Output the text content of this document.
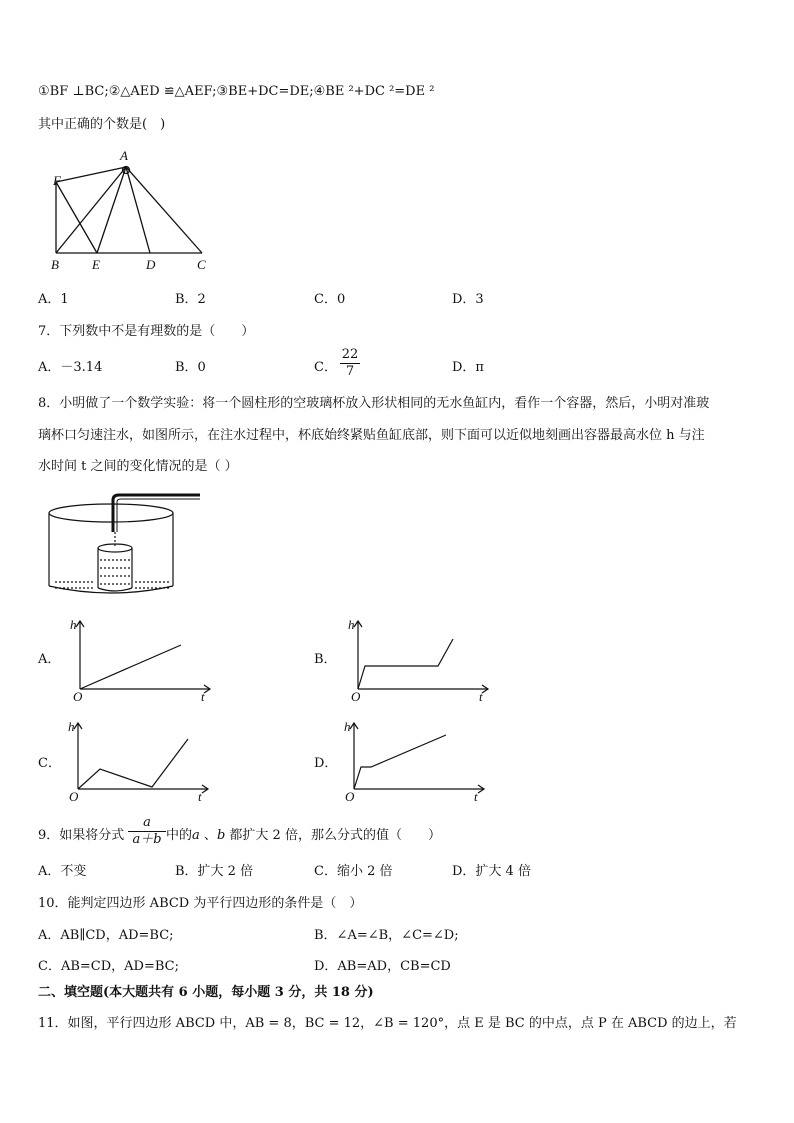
①BF ⊥BC;②△AED ≌△AEF;③BE+DC=DE;④BE ²+DC ²=DE ²
其中正确的个数是(　)
A
F
B	E	D	C
A．1	B．2	C．0	D．3
7．下列数中不是有理数的是（　　）
A．－3.14	B．0	C．
22
7	D．π
8．小明做了一个数学实验：将一个圆柱形的空玻璃杯放入形状相同的无水鱼缸内，看作一个容器，然后，小明对准玻
璃杯口匀速注水，如图所示，在注水过程中，杯底始终紧贴鱼缸底部，则下面可以近似地刻画出容器最高水位 h 与注
水时间 t 之间的变化情况的是（ ）
A．
h
t
O
B．
h
t
O
C．
h
t
O
D．
h
t
O
9．如果将分式
a
a＋b 中的a 、b 都扩大 2 倍，那么分式的值（　　）
A．不变	B．扩大 2 倍	C．缩小 2 倍	D．扩大 4 倍
10．能判定四边形 ABCD 为平行四边形的条件是（　）
A．AB∥CD，AD=BC;	B．∠A=∠B，∠C=∠D;
C．AB=CD，AD=BC;	D．AB=AD，CB=CD
二、填空题(本大题共有 6 小题，每小题 3 分，共 18 分)
11．如图，平行四边形 ABCD 中，AB = 8，BC = 12，∠B = 120°，点 E 是 BC 的中点，点 P 在 ABCD 的边上，若
